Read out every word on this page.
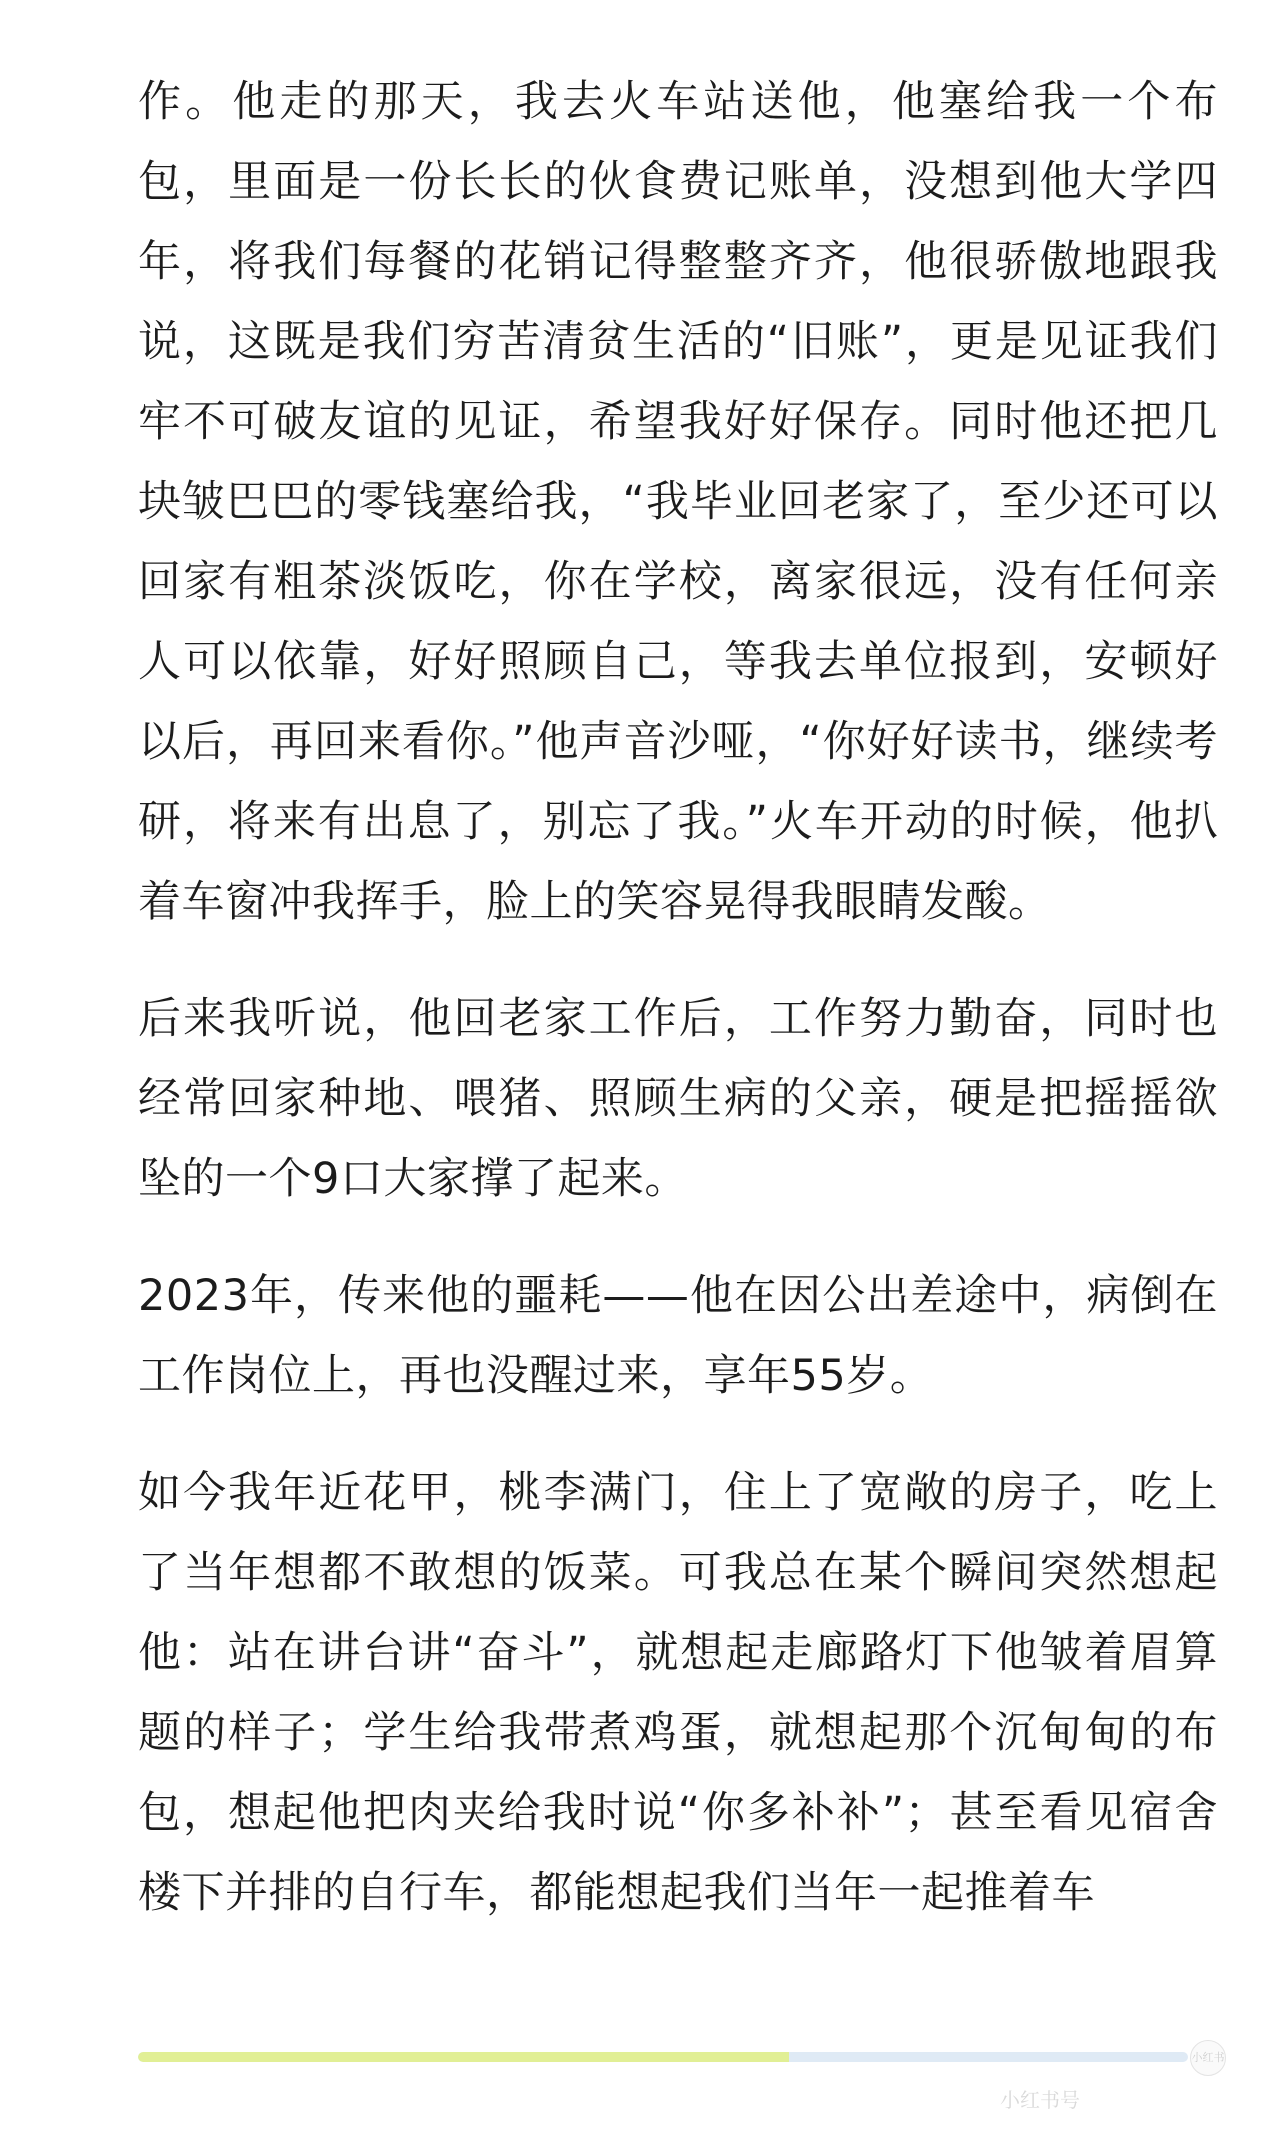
作。他走的那天，我去火车站送他，他塞给我一个布包，里面是一份长长的伙食费记账单，没想到他大学四年，将我们每餐的花销记得整整齐齐，他很骄傲地跟我说，这既是我们穷苦清贫生活的“旧账”，更是见证我们牢不可破友谊的见证，希望我好好保存。同时他还把几块皱巴巴的零钱塞给我，“我毕业回老家了，至少还可以回家有粗茶淡饭吃，你在学校，离家很远，没有任何亲人可以依靠，好好照顾自己，等我去单位报到，安顿好以后，再回来看你。”他声音沙哑，“你好好读书，继续考研，将来有出息了，别忘了我。”火车开动的时候，他扒着车窗冲我挥手，脸上的笑容晃得我眼睛发酸。

后来我听说，他回老家工作后，工作努力勤奋，同时也经常回家种地、喂猪、照顾生病的父亲，硬是把摇摇欲坠的一个9口大家撑了起来。

2023年，传来他的噩耗——他在因公出差途中，病倒在工作岗位上，再也没醒过来，享年55岁。

如今我年近花甲，桃李满门，住上了宽敞的房子，吃上了当年想都不敢想的饭菜。可我总在某个瞬间突然想起他：站在讲台讲“奋斗”，就想起走廊路灯下他皱着眉算题的样子；学生给我带煮鸡蛋，就想起那个沉甸甸的布包，想起他把肉夹给我时说“你多补补”；甚至看见宿舍楼下并排的自行车，都能想起我们当年一起推着车

小红书
小红书号
